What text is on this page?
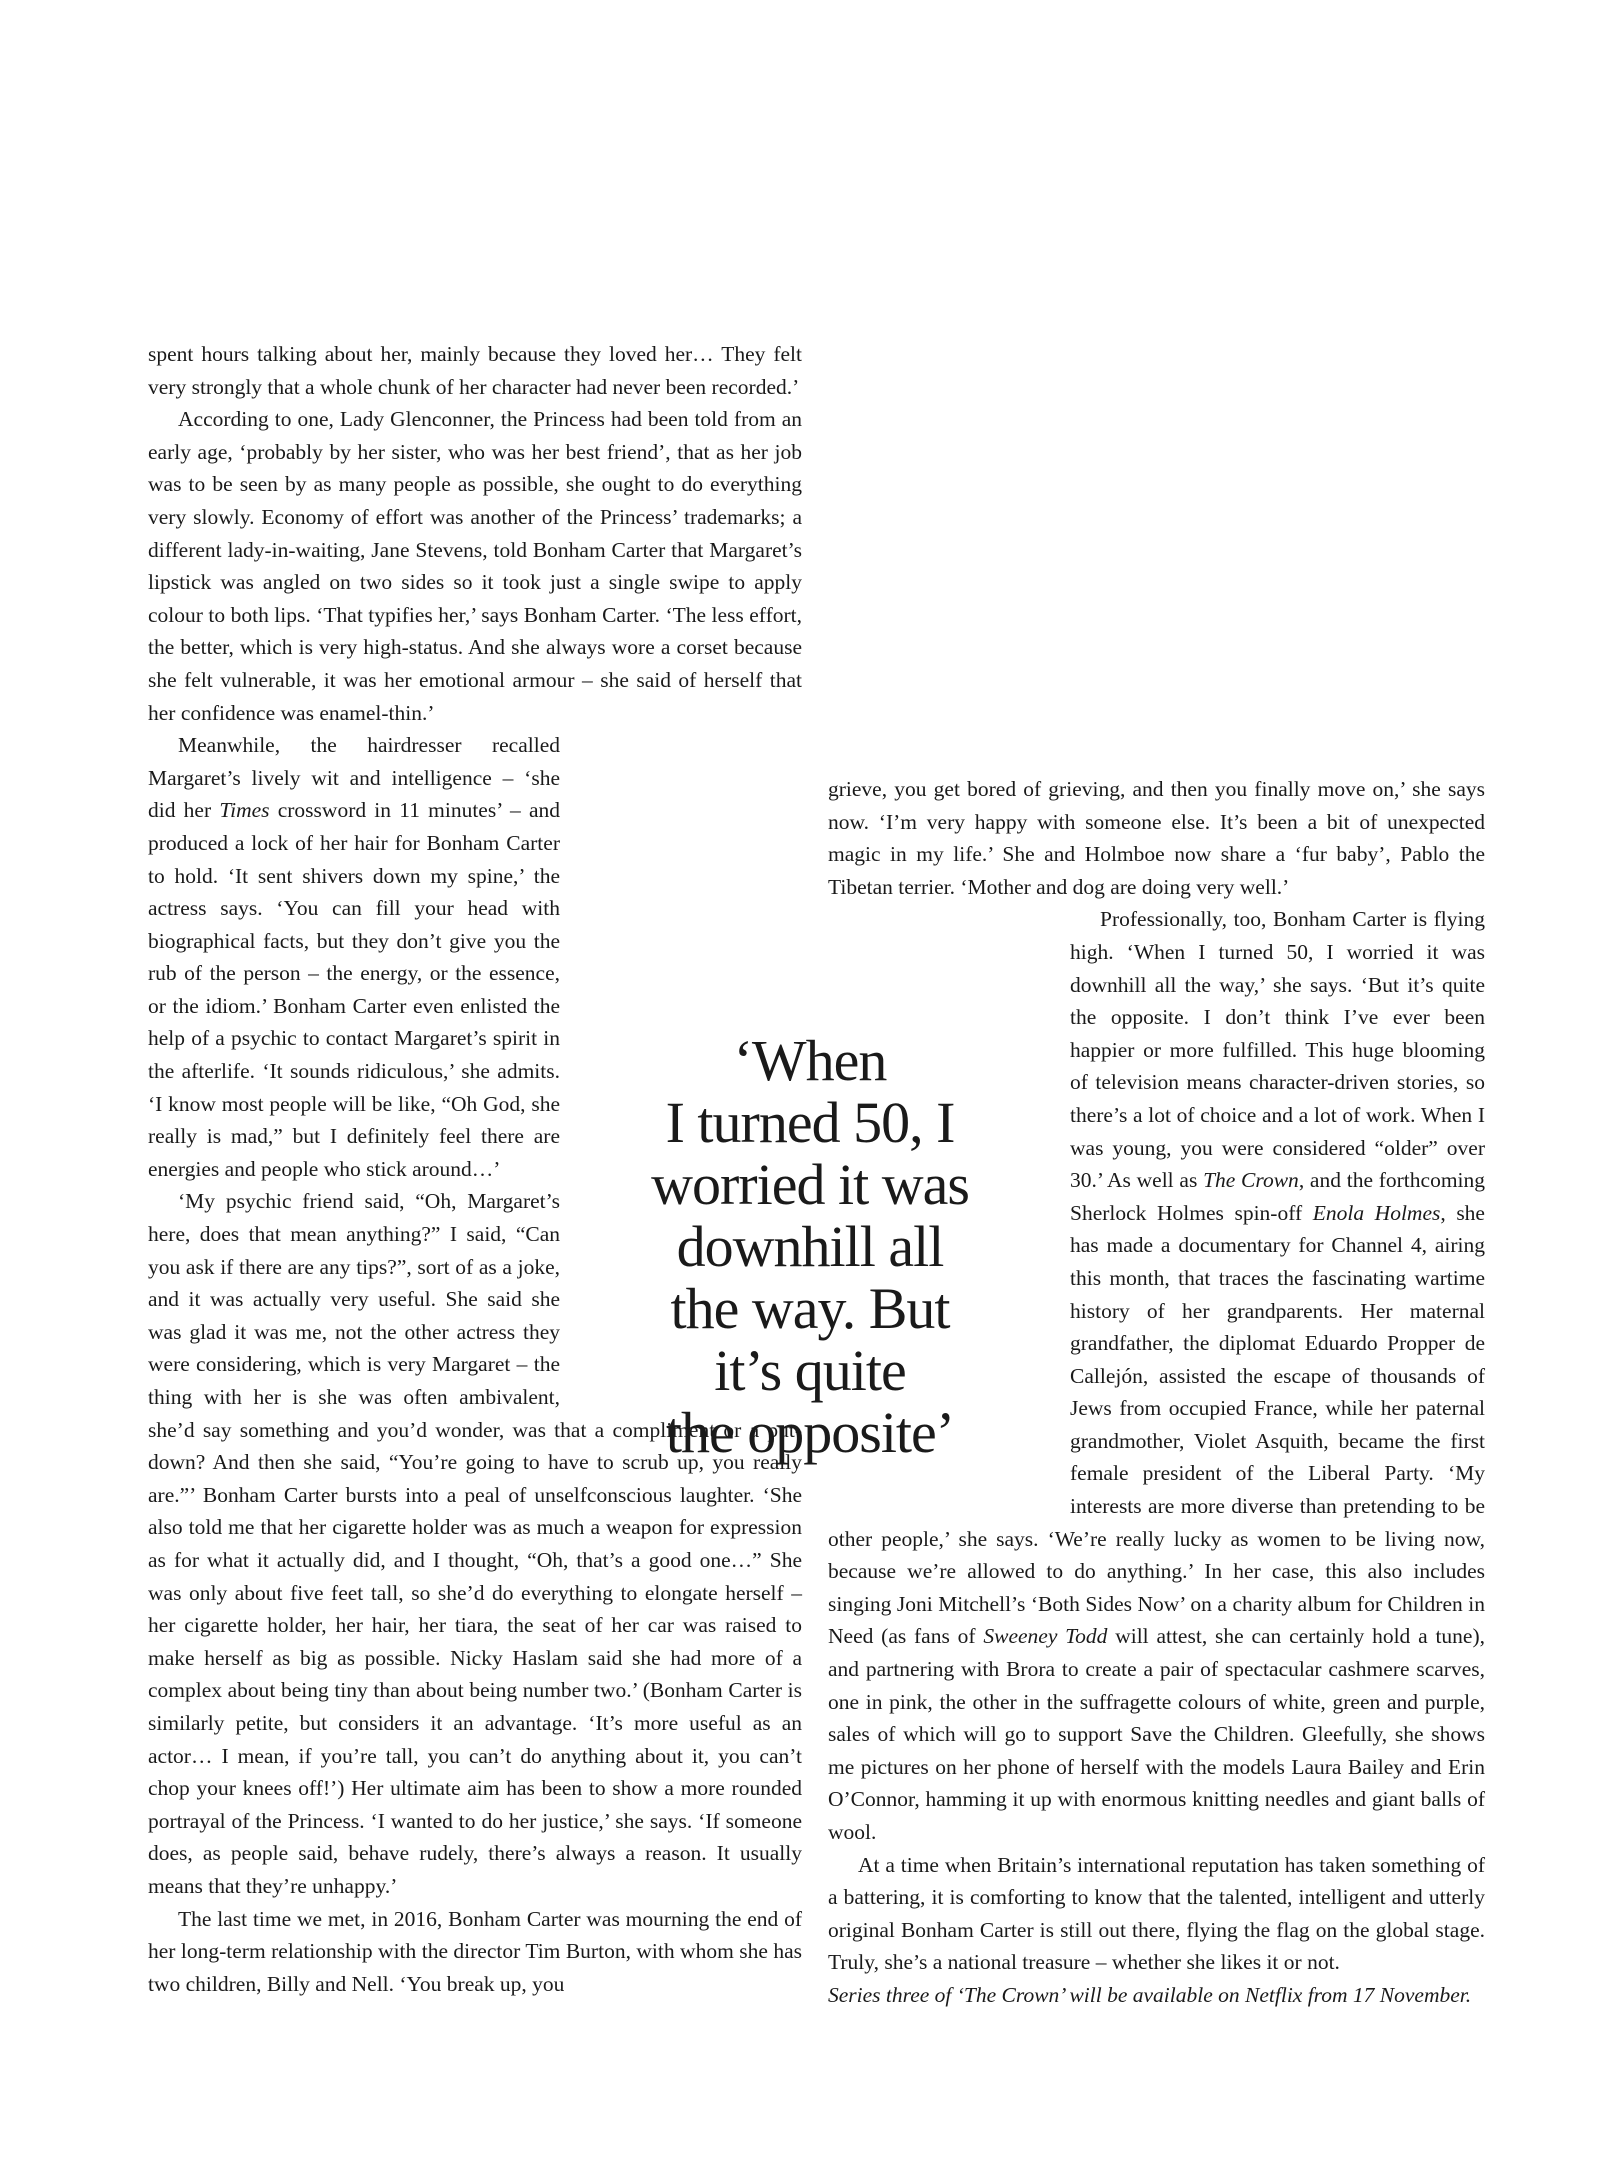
spent hours talking about her, mainly because they loved her… They felt very strongly that a whole chunk of her character had never been recorded.’

According to one, Lady Glenconner, the Princess had been told from an early age, ‘probably by her sister, who was her best friend’, that as her job was to be seen by as many people as possible, she ought to do everything very slowly. Economy of effort was another of the Princess’ trademarks; a different lady-in-waiting, Jane Stevens, told Bonham Carter that Margaret’s lipstick was angled on two sides so it took just a single swipe to apply colour to both lips. ‘That typifies her,’ says Bonham Carter. ‘The less effort, the better, which is very high-status. And she always wore a corset because she felt vulnerable, it was her emotional armour – she said of herself that her confidence was enamel-thin.’

Meanwhile, the hairdresser recalled Margaret’s lively wit and intelligence – ‘she did her Times crossword in 11 minutes’ – and produced a lock of her hair for Bonham Carter to hold. ‘It sent shivers down my spine,’ the actress says. ‘You can fill your head with biographical facts, but they don’t give you the rub of the person – the energy, or the essence, or the idiom.’ Bonham Carter even enlisted the help of a psychic to contact Margaret’s spirit in the afterlife. ‘It sounds ridiculous,’ she admits. ‘I know most people will be like, “Oh God, she really is mad,” but I definitely feel there are energies and people who stick around…’

‘My psychic friend said, “Oh, Margaret’s here, does that mean anything?” I said, “Can you ask if there are any tips?”, sort of as a joke, and it was actually very useful. She said she was glad it was me, not the other actress they were considering, which is very Margaret – the thing with her is she was often ambivalent, she’d say something and you’d wonder, was that a compliment or a put-down? And then she said, “You’re going to have to scrub up, you really are.”’ Bonham Carter bursts into a peal of unselfconscious laughter. ‘She also told me that her cigarette holder was as much a weapon for expression as for what it actually did, and I thought, “Oh, that’s a good one…” She was only about five feet tall, so she’d do everything to elongate herself – her cigarette holder, her hair, her tiara, the seat of her car was raised to make herself as big as possible. Nicky Haslam said she had more of a complex about being tiny than about being number two.’ (Bonham Carter is similarly petite, but considers it an advantage. ‘It’s more useful as an actor… I mean, if you’re tall, you can’t do anything about it, you can’t chop your knees off!’) Her ultimate aim has been to show a more rounded portrayal of the Princess. ‘I wanted to do her justice,’ she says. ‘If someone does, as people said, behave rudely, there’s always a reason. It usually means that they’re unhappy.’

The last time we met, in 2016, Bonham Carter was mourning the end of her long-term relationship with the director Tim Burton, with whom she has two children, Billy and Nell. ‘You break up, you

‘When
I turned 50, I
worried it was
downhill all
the way. But
it’s quite
the opposite’

grieve, you get bored of grieving, and then you finally move on,’ she says now. ‘I’m very happy with someone else. It’s been a bit of unexpected magic in my life.’ She and Holmboe now share a ‘fur baby’, Pablo the Tibetan terrier. ‘Mother and dog are doing very well.’

Professionally, too, Bonham Carter is flying high. ‘When I turned 50, I worried it was downhill all the way,’ she says. ‘But it’s quite the opposite. I don’t think I’ve ever been happier or more fulfilled. This huge blooming of television means character-driven stories, so there’s a lot of choice and a lot of work. When I was young, you were considered “older” over 30.’ As well as The Crown, and the forthcoming Sherlock Holmes spin-off Enola Holmes, she has made a documentary for Channel 4, airing this month, that traces the fascinating wartime history of her grandparents. Her maternal grandfather, the diplomat Eduardo Propper de Callejón, assisted the escape of thousands of Jews from occupied France, while her paternal grandmother, Violet Asquith, became the first female president of the Liberal Party. ‘My interests are more diverse than pretending to be other people,’ she says. ‘We’re really lucky as women to be living now, because we’re allowed to do anything.’ In her case, this also includes singing Joni Mitchell’s ‘Both Sides Now’ on a charity album for Children in Need (as fans of Sweeney Todd will attest, she can certainly hold a tune), and partnering with Brora to create a pair of spectacular cashmere scarves, one in pink, the other in the suffragette colours of white, green and purple, sales of which will go to support Save the Children. Gleefully, she shows me pictures on her phone of herself with the models Laura Bailey and Erin O’Connor, hamming it up with enormous knitting needles and giant balls of wool.

At a time when Britain’s international reputation has taken something of a battering, it is comforting to know that the talented, intelligent and utterly original Bonham Carter is still out there, flying the flag on the global stage. Truly, she’s a national treasure – whether she likes it or not.

Series three of ‘The Crown’ will be available on Netflix from 17 November.
